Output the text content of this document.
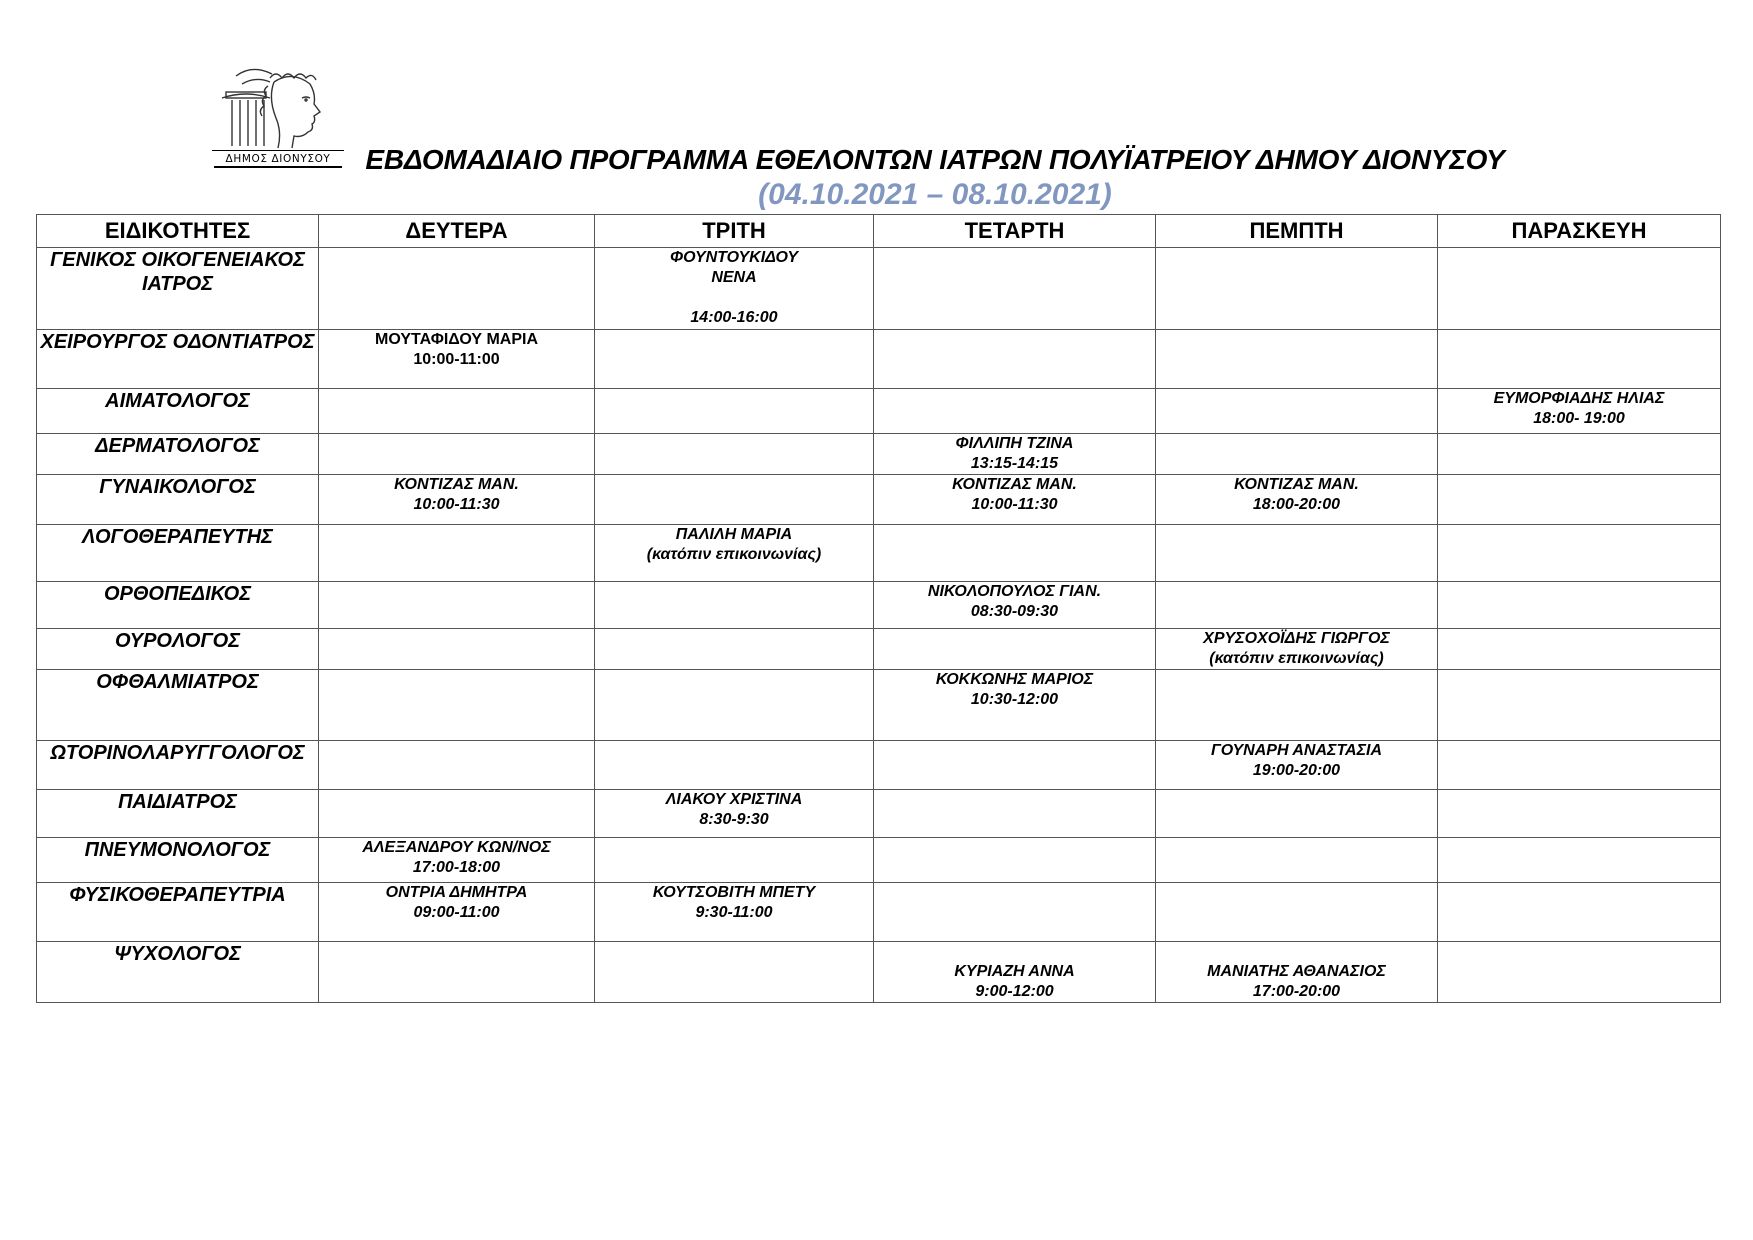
ΔΗΜΟΣ ΔΙΟΝΥΣΟΥ	ΕΒΔΟΜΑΔΙΑΙΟ ΠΡΟΓΡΑΜΜΑ ΕΘΕΛΟΝΤΩΝ ΙΑΤΡΩΝ ΠΟΛΥΪΑΤΡΕΙΟΥ ΔΗΜΟΥ ΔΙΟΝΥΣΟΥ
(04.10.2021 – 08.10.2021)
ΕΙΔΙΚΟΤΗΤΕΣ	ΔΕΥΤΕΡΑ	ΤΡΙΤΗ	ΤΕΤΑΡΤΗ	ΠΕΜΠΤΗ	ΠΑΡΑΣΚΕΥΗ
ΓΕΝΙΚΟΣ ΟΙΚΟΓΕΝΕΙΑΚΟΣ ΙΑΤΡΟΣ		ΦΟΥΝΤΟΥΚΙΔΟΥ
ΝΕΝΑ

14:00-16:00			
ΧΕΙΡΟΥΡΓΟΣ ΟΔΟΝΤΙΑΤΡΟΣ	ΜΟΥΤΑΦΙΔΟΥ ΜΑΡΙΑ
10:00-11:00				
ΑΙΜΑΤΟΛΟΓΟΣ					ΕΥΜΟΡΦΙΑΔΗΣ ΗΛΙΑΣ
18:00- 19:00
ΔΕΡΜΑΤΟΛΟΓΟΣ			ΦΙΛΛΙΠΗ ΤΖΙΝΑ
13:15-14:15		
ΓΥΝΑΙΚΟΛΟΓΟΣ	ΚΟΝΤΙΖΑΣ ΜΑΝ.
10:00-11:30		ΚΟΝΤΙΖΑΣ ΜΑΝ.
10:00-11:30	ΚΟΝΤΙΖΑΣ ΜΑΝ.
18:00-20:00	
ΛΟΓΟΘΕΡΑΠΕΥΤΗΣ		ΠΑΛΙΛΗ ΜΑΡΙΑ
(κατόπιν επικοινωνίας)			
ΟΡΘΟΠΕΔΙΚΟΣ			ΝΙΚΟΛΟΠΟΥΛΟΣ ΓΙΑΝ.
08:30-09:30		
ΟΥΡΟΛΟΓΟΣ				ΧΡΥΣΟΧΟΪΔΗΣ ΓΙΩΡΓΟΣ
(κατόπιν επικοινωνίας)	
ΟΦΘΑΛΜΙΑΤΡΟΣ			ΚΟΚΚΩΝΗΣ ΜΑΡΙΟΣ
10:30-12:00		
ΩΤΟΡΙΝΟΛΑΡΥΓΓΟΛΟΓΟΣ				ΓΟΥΝΑΡΗ ΑΝΑΣΤΑΣΙΑ
19:00-20:00	
ΠΑΙΔΙΑΤΡΟΣ		ΛΙΑΚΟΥ ΧΡΙΣΤΙΝΑ
8:30-9:30			
ΠΝΕΥΜΟΝΟΛΟΓΟΣ	ΑΛΕΞΑΝΔΡΟΥ ΚΩΝ/ΝΟΣ
17:00-18:00				
ΦΥΣΙΚΟΘΕΡΑΠΕΥΤΡΙΑ	ΟΝΤΡΙΑ ΔΗΜΗΤΡΑ
09:00-11:00	ΚΟΥΤΣΟΒΙΤΗ ΜΠΕΤΥ
9:30-11:00			
ΨΥΧΟΛΟΓΟΣ			ΚΥΡΙΑΖΗ ΑΝΝΑ
9:00-12:00	ΜΑΝΙΑΤΗΣ ΑΘΑΝΑΣΙΟΣ
17:00-20:00	
